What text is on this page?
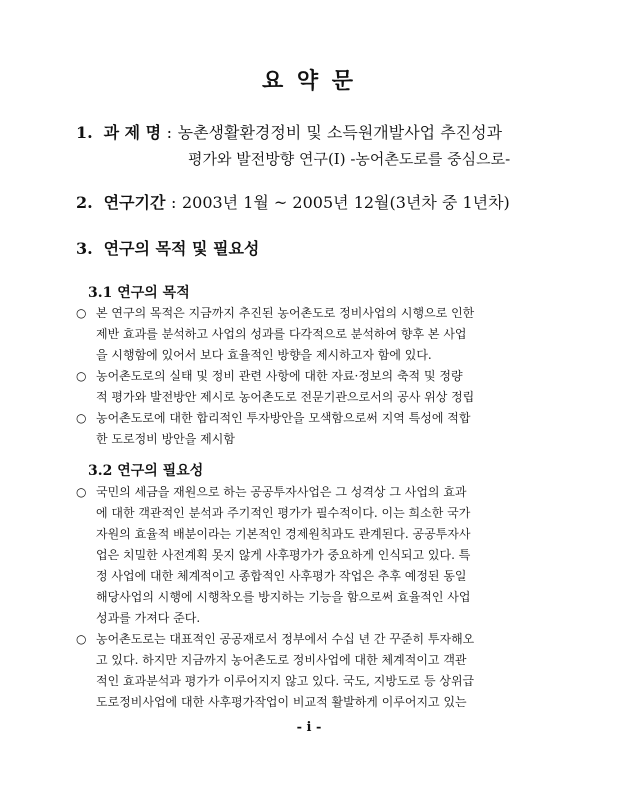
요 약 문
1. 과 제 명 : 농촌생활환경정비 및 소득원개발사업 추진성과
평가와 발전방향 연구(Ⅰ) -농어촌도로를 중심으로-
2. 연구기간 : 2003년 1월 ~ 2005년 12월(3년차 중 1년차)
3. 연구의 목적 및 필요성
3.1 연구의 목적
○ 본 연구의 목적은 지금까지 추진된 농어촌도로 정비사업의 시행으로 인한
제반 효과를 분석하고 사업의 성과를 다각적으로 분석하여 향후 본 사업
을 시행함에 있어서 보다 효율적인 방향을 제시하고자 함에 있다.
○ 농어촌도로의 실태 및 정비 관련 사항에 대한 자료·정보의 축적 및 정량
적 평가와 발전방안 제시로 농어촌도로 전문기관으로서의 공사 위상 정립
○ 농어촌도로에 대한 합리적인 투자방안을 모색함으로써 지역 특성에 적합
한 도로정비 방안을 제시함
3.2 연구의 필요성
○ 국민의 세금을 재원으로 하는 공공투자사업은 그 성격상 그 사업의 효과
에 대한 객관적인 분석과 주기적인 평가가 필수적이다. 이는 희소한 국가
자원의 효율적 배분이라는 기본적인 경제원칙과도 관계된다. 공공투자사
업은 치밀한 사전계획 못지 않게 사후평가가 중요하게 인식되고 있다. 특
정 사업에 대한 체계적이고 종합적인 사후평가 작업은 추후 예정된 동일
해당사업의 시행에 시행착오를 방지하는 기능을 함으로써 효율적인 사업
성과를 가져다 준다.
○ 농어촌도로는 대표적인 공공재로서 정부에서 수십 년 간 꾸준히 투자해오
고 있다. 하지만 지금까지 농어촌도로 정비사업에 대한 체계적이고 객관
적인 효과분석과 평가가 이루어지지 않고 있다. 국도, 지방도로 등 상위급
도로정비사업에 대한 사후평가작업이 비교적 활발하게 이루어지고 있는
- i -
